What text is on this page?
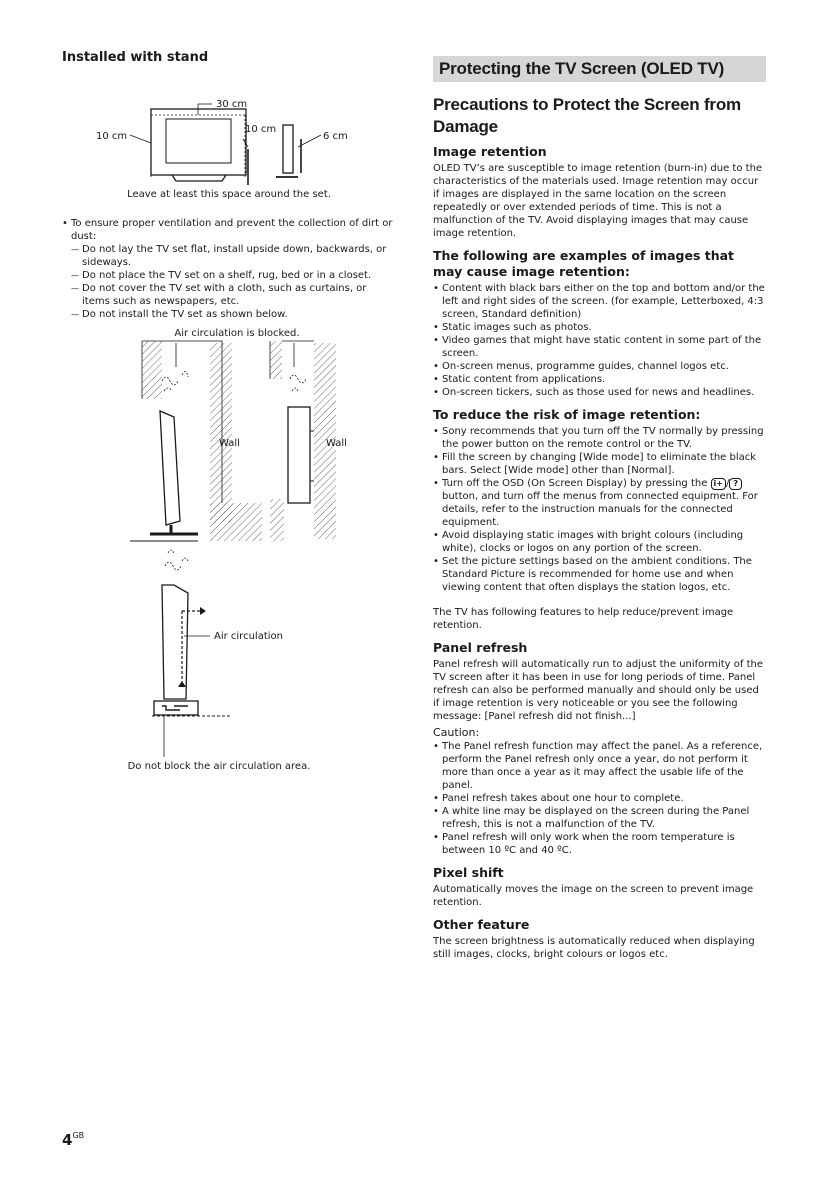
Installed with stand
30 cm
10 cm
10 cm
6 cm
Leave at least this space around the set.
• To ensure proper ventilation and prevent the collection of dirt or dust:
— Do not lay the TV set flat, install upside down, backwards, or sideways.
— Do not place the TV set on a shelf, rug, bed or in a closet.
— Do not cover the TV set with a cloth, such as curtains, or items such as newspapers, etc.
— Do not install the TV set as shown below.
Air circulation is blocked.
Wall	Wall
Air circulation
Do not block the air circulation area.
Protecting the TV Screen (OLED TV)
Precautions to Protect the Screen from Damage
Image retention

OLED TV’s are susceptible to image retention (burn-in) due to the characteristics of the materials used. Image retention may occur if images are displayed in the same location on the screen repeatedly or over extended periods of time. This is not a malfunction of the TV. Avoid displaying images that may cause image retention.

The following are examples of images that may cause image retention:
• Content with black bars either on the top and bottom and/or the left and right sides of the screen. (for example, Letterboxed, 4:3 screen, Standard definition)
• Static images such as photos.
• Video games that might have static content in some part of the screen.
• On-screen menus, programme guides, channel logos etc.
• Static content from applications.
• On-screen tickers, such as those used for news and headlines.
To reduce the risk of image retention:
• Sony recommends that you turn off the TV normally by pressing the power button on the remote control or the TV.
• Fill the screen by changing [Wide mode] to eliminate the black bars. Select [Wide mode] other than [Normal].
• Turn off the OSD (On Screen Display) by pressing the i+ / ? button, and turn off the menus from connected equipment. For details, refer to the instruction manuals for the connected equipment.
• Avoid displaying static images with bright colours (including white), clocks or logos on any portion of the screen.
• Set the picture settings based on the ambient conditions. The Standard Picture is recommended for home use and when viewing content that often displays the station logos, etc.

The TV has following features to help reduce/prevent image retention.

Panel refresh

Panel refresh will automatically run to adjust the uniformity of the TV screen after it has been in use for long periods of time. Panel refresh can also be performed manually and should only be used if image retention is very noticeable or you see the following message: [Panel refresh did not finish...]

Caution:
• The Panel refresh function may affect the panel. As a reference, perform the Panel refresh only once a year, do not perform it more than once a year as it may affect the usable life of the panel.
• Panel refresh takes about one hour to complete.
• A white line may be displayed on the screen during the Panel refresh, this is not a malfunction of the TV.
• Panel refresh will only work when the room temperature is between 10 ºC and 40 ºC.
Pixel shift

Automatically moves the image on the screen to prevent image retention.

Other feature

The screen brightness is automatically reduced when displaying still images, clocks, bright colours or logos etc.

$4^{GB}$
